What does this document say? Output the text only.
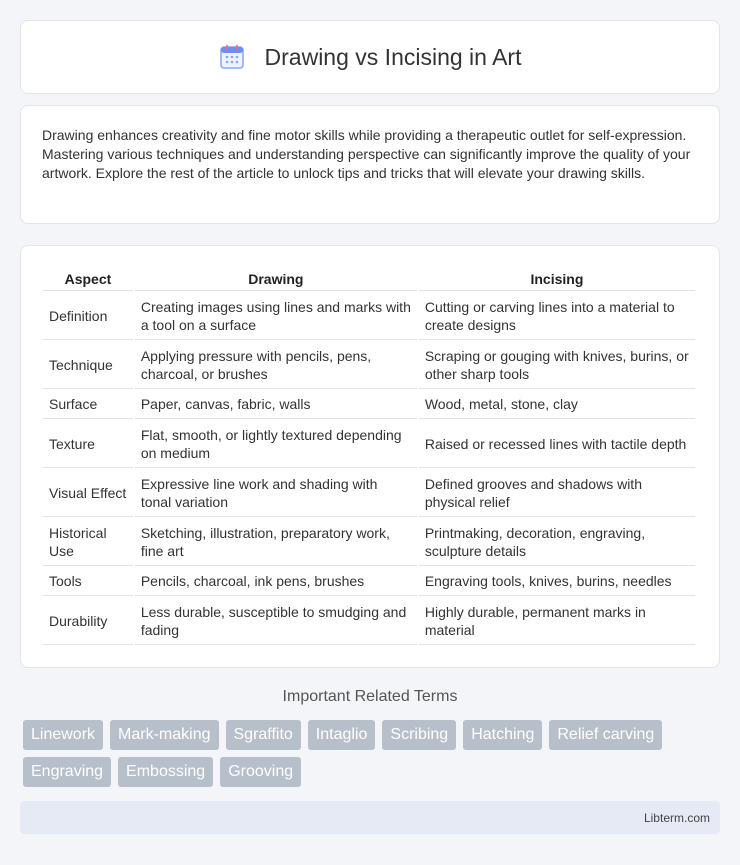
Drawing vs Incising in Art

Drawing enhances creativity and fine motor skills while providing a therapeutic outlet for self-expression. Mastering various techniques and understanding perspective can significantly improve the quality of your artwork. Explore the rest of the article to unlock tips and tricks that will elevate your drawing skills.

Aspect	Drawing	Incising
Definition	Creating images using lines and marks with a tool on a surface	Cutting or carving lines into a material to create designs
Technique	Applying pressure with pencils, pens, charcoal, or brushes	Scraping or gouging with knives, burins, or other sharp tools
Surface	Paper, canvas, fabric, walls	Wood, metal, stone, clay
Texture	Flat, smooth, or lightly textured depending on medium	Raised or recessed lines with tactile depth
Visual Effect	Expressive line work and shading with tonal variation	Defined grooves and shadows with physical relief
Historical Use	Sketching, illustration, preparatory work, fine art	Printmaking, decoration, engraving, sculpture details
Tools	Pencils, charcoal, ink pens, brushes	Engraving tools, knives, burins, needles
Durability	Less durable, susceptible to smudging and fading	Highly durable, permanent marks in material
Important Related Terms
Linework	Mark-making	Sgraffito	Intaglio	Scribing	Hatching	Relief carving
Engraving	Embossing	Grooving
Libterm.com
